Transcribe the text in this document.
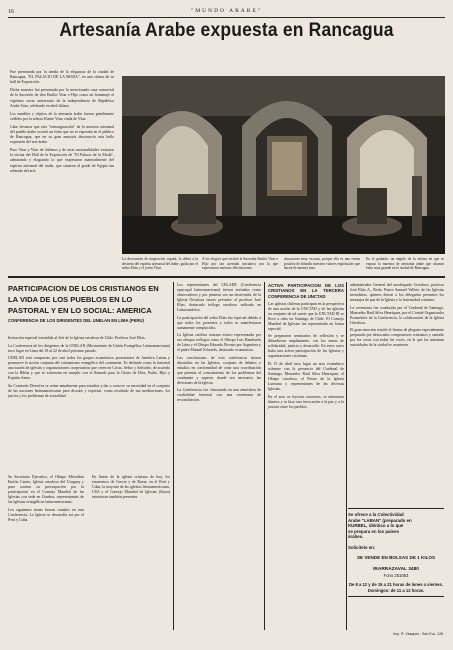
16	"MUNDO ARABE"
Artesanía Arabe expuesta en Rancagua

Fue presentada por la tienda de la elegancia de la ciudad de Rancagua, "EL PALACIO DE LA MODA", en una vitrina de su hall de Exposición.

Dicha muestra fue presentada por la mencionada casa comercial de la Sucesión de don Emilio Vitar e Hijo como un homenaje al vigésimo sexto aniversario de la independencia de República Arabe Siria, celebrado en abril último.

Los muebles y objetos de la artesanía árabe fueron gentilmente cedidos por la señora Ifieme Vitar viuda de Vitar.

Cabe destacar que esta "reinauguración" de la muestra artesanal del pueblo árabe ocurrió un éxito que no se esperaba en el público de Rancagua, que en su gran mayoría desconocía esta bella expresión del arte árabe.

Puro Vitar y Vitar de chilenos y de otras nacionalidades visitaron la vitrina del Hall de la Exposición de "El Palacio de la Moda", admirando y elogiando lo que expresaron materialmente del espíritu artesanal del árabe, que situaron al grado de Egipto tan refinado del arte.

La decoración de inspiración capital, lo debió a la destreza del espíritu artesanal del árabe, guida por el señor Elías y el joven Vitar.
A los elogios que recibió la Sucesión Emilio Vitar e Hijo por tan acertada iniciativa con la que expresamos nuestras felicitaciones.
situaciones muy escasas, porque ella es una forma positiva de difundir nuestros valores espirituales que hacen de nuestra raza.
En el grabado: un ángulo de la vitrina en que se expuso la muestra de artesanía árabe que alcanzó éxito muy grande en la ciudad de Rancagua.
PARTICIPACION DE LOS CRISTIANOS EN LA VIDA DE LOS PUEBLOS EN LO PASTORAL Y EN LO SOCIAL: AMERICA
CONFERENCIA DE LOS DIRIGENTES DEL UNELAN EN LIMA (PERU)

Invitación especial extendida al Jefe de la Iglesia ortodoxa de Chile, Profesor José Elías.

La Conferencia de los dirigentes de la UNELAN (Movimiento de Unión Evangélica Latinoamericana) tuvo lugar en Lima del 18 al 22 de abril próximo pasado.

UNELAN está compuesto por casi todos los grupos ecuménicos protestantes de América Latina y promueve la acción conjunta del cristianismo evangélico del continente. Es definido como la fraternal asociación de iglesias y organizaciones cooperativas que creen en Cristo, Señor y Salvador, de acuerdo con la Biblia y que se esfuerzan en cumplir con el llamado para la Gloria de Dios, Padre, Hijo y Espíritu Santo.

Su Comisión Directiva se reúne anualmente para estudiar y dar a conocer su necesidad en el conjunto de las naciones latinoamericanas para discutir y expresar, como resultado de sus meditaciones, los juicios y los problemas de actualidad.

Su Secretario Ejecutivo, el Obispo Metodista Emilio Castro, Iglesia ortodoxa del Uruguay y para constar su preocupación por la participación en el Consejo Mundial de las Iglesias con sede en Ginebra, representantes de las Iglesias evangélicas latinoamericanas.

Los siguientes temas fueron tratados en esta Conferencia: La Iglesia se desarrolla así por el Perú y Cuba.

En líneas de la iglesia cristiana de hoy, los encuentros de Grecia y de Rusia; en el Perú y Cuba, la mayoría de las iglesias latinoamericanas, USA y el Consejo Mundial de Iglesias (Suiza) estuvieron también presentes.

Los representantes del CELADE (Conferencia episcopal latinoamericana) fueron invitados como observadores y por primera vez un observador de la Iglesia Ortodoxa estuvo presente: el profesor José Elías, destacado teólogo ortodoxo radicado en Latinoamérica.

La participación del señor Elías fue especial debido a que todos los presentes y todos se manifestaron sumamente complacidos.

La Iglesia católica romana estuvo representada por sus obispos teólogos como el Obispo Luis Bambarén de Lima y el Obispo Eduardo Pironio por Argentina y el padre Manuel Edwards, destacado ecumenista.

Las conclusiones de esta conferencia fueron discutidas en las Iglesias, conjunto de debates y estudios en conformidad de crear una coordinación que permita el conocimiento de los problemas del continente y superar, donde sea necesario, las divisiones de la Iglesia.

La Conferencia fue clausurada en una atmósfera de cordialidad fraternal con una ceremonia de reconciliación.

ACTIVA PARTICIPACION DE LOS CRISTIANOS EN LA TERCERA CONFERENCIA DE UNCTAD

Las iglesias chilenas participan en la perspectiva de una acción de la UNCTAD y de las iglesias en conjunto de tal suerte que la UNCTAD III se llevó a cabo en Santiago de Chile. El Consejo Mundial de Iglesias fue representado en forma especial.

Se prepararon seminarios de reflexión y se difundieron ampliamente, con los temas de solidaridad, justicia y desarrollo. En estos actos hubo una activa participación de las Iglesias y organizaciones cristianas.

El 15 de abril tuvo lugar un acto ecuménico solemne con la presencia del Cardenal de Santiago, Monseñor Raúl Silva Henríquez, el Obispo ortodoxo, el Pastor de la Iglesia Luterana y representantes de las diversas Iglesias.

En el acto se leyeron oraciones, se entonaron himnos y se hizo una invocación a la paz y a la justicia entre los pueblos.

administrador General del arzobispado Ortodoxo, profesor José Elías A., Rvdo. Pastor Samuel Vallete, de las Iglesias metodistas, quienes dieron a los delegados presentes los mensajes de paz de la Iglesia y la fraternidad cristiana.

La ceremonia fue conducida por el Cardenal de Santiago, Monseñor Raúl Silva Henríquez, por el Comité Organizador Ecuménico de la Conferencia, la colaboración de la Iglesia Ortodoxa.

El gran emoción resultó el himno de plegaria especialmente preparado por destacados compositores cristianos y cantado por los coros con todas las voces, en la que las máximas autoridades de la ciudad se reunieron.

Se ofrece a la Colectividad
Arabe "LABAN" (preparado en
KURBEL, idéntico a lo que
se prepara en los países
árabes.
Solicítelo en:
SE VENDE EN BOLSAS DE 1 KILOS
IRARRAZAVAL 3480
Fono 251063
De 8 a 12 y de 15 a 21 horas de lunes a viernes. Domingos: de 11 a 12 horas.
Imp. R. Vásquez - San Fco. 128
